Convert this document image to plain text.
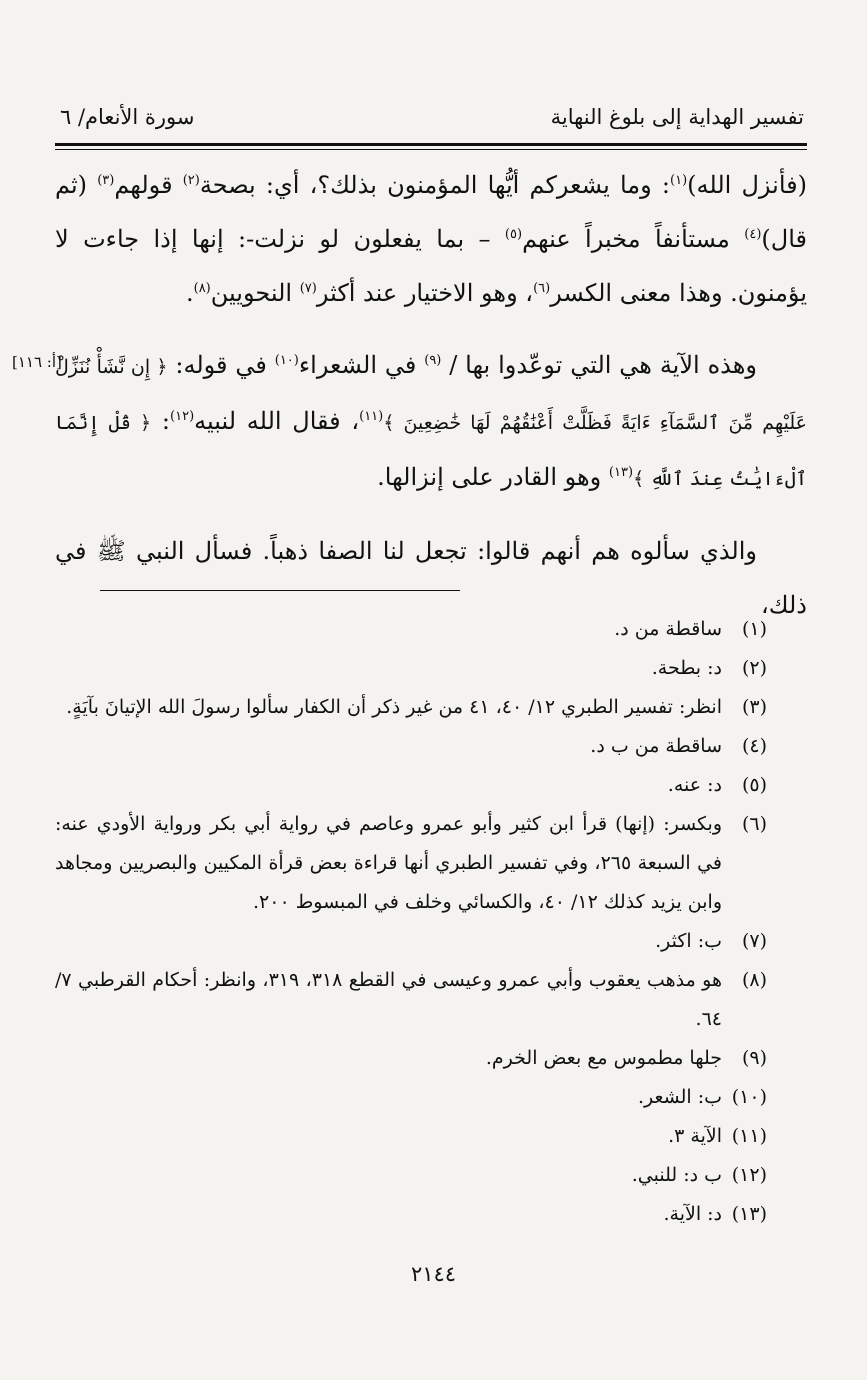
تفسير الهداية إلى بلوغ النهاية
سورة الأنعام/ ٦
[أ: ١١٦]

(فأنزل الله)$^{(١)}$: وما يشعركم أيُّها المؤمنون بذلك؟، أي: بصحة$^{(٢)}$ قولهم$^{(٣)}$ (ثم قال)$^{(٤)}$ مستأنفاً مخبراً عنهم$^{(٥)}$ – بما يفعلون لو نزلت-: إنها إذا جاءت لا يؤمنون. وهذا معنى الكسر$^{(٦)}$، وهو الاختيار عند أكثر$^{(٧)}$ النحويين$^{(٨)}$.

وهذه الآية هي التي توعّدوا بها / $^{(٩)}$ في الشعراء$^{(١٠)}$ في قوله: ﴿ إِن نَّشَأْ نُنَزِّلْ عَلَيْهِم مِّنَ ٱلسَّمَآءِ ءَايَةً فَظَلَّتْ أَعْنَٰقُهُمْ لَهَا خَٰضِعِينَ ﴾$^{(١١)}$، فقال الله لنبيه$^{(١٢)}$: ﴿ قُلْ إِنَّمَا ٱلْءَايَٰتُ عِندَ ٱللَّهِ ﴾$^{(١٣)}$ وهو القادر على إنزالها.

والذي سألوه هم أنهم قالوا: تجعل لنا الصفا ذهباً. فسأل النبي ﷺ في ذلك،

(١)
ساقطة من د.
(٢)
د: بطحة.
(٣)
انظر: تفسير الطبري ١٢/ ٤٠، ٤١ من غير ذكر أن الكفار سألوا رسولَ الله الإتيانَ بآيَةٍ.
(٤)
ساقطة من ب د.
(٥)
د: عنه.
(٦)
وبكسر: (إنها) قرأ ابن كثير وأبو عمرو وعاصم في رواية أبي بكر ورواية الأودي عنه: في السبعة ٢٦٥، وفي تفسير الطبري أنها قراءة بعض قرأة المكيين والبصريين ومجاهد وابن يزيد كذلك ١٢/ ٤٠، والكسائي وخلف في المبسوط ٢٠٠.
(٧)
ب: اكثر.
(٨)
هو مذهب يعقوب وأبي عمرو وعيسى في القطع ٣١٨، ٣١٩، وانظر: أحكام القرطبي ٧/ ٦٤.
(٩)
جلها مطموس مع بعض الخرم.
(١٠)
ب: الشعر.
(١١)
الآية ٣.
(١٢)
ب د: للنبي.
(١٣)
د: الآية.
٢١٤٤
